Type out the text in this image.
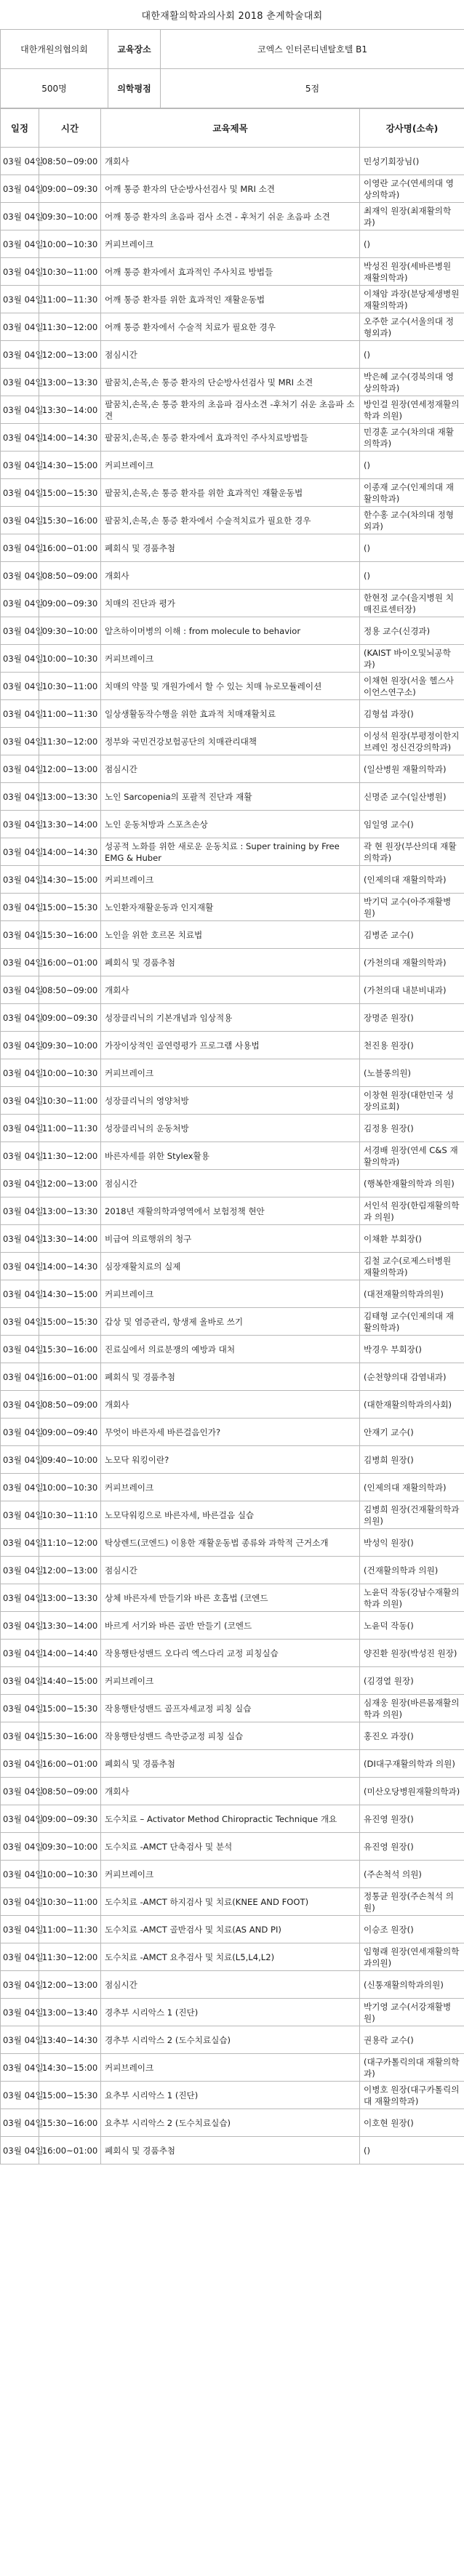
대한재활의학과의사회 2018 춘계학술대회
대한개원의협의회	교육장소	코엑스 인터콘티넨탈호텔 B1
500명	의학평점	5점
일정	시간	교육제목	강사명(소속)
03월 04일	08:50~09:00	개회사	민성기회장님()
03월 04일	09:00~09:30	어깨 통증 환자의 단순방사선검사 및 MRI 소견	이영란 교수(연세의대 영상의학과)
03월 04일	09:30~10:00	어깨 통증 환자의 초음파 검사 소견 - 후처기 쉬운 초음파 소견	최재익 원장(최재활의학과)
03월 04일	10:00~10:30	커피브레이크	()
03월 04일	10:30~11:00	어깨 통증 환자에서 효과적인 주사치료 방법들	박성진 원장(세바른병원 재활의학과)
03월 04일	11:00~11:30	어깨 통증 환자를 위한 효과적인 재활운동법	이채암 과장(분당제생병원 재활의학과)
03월 04일	11:30~12:00	어깨 통증 환자에서 수술적 치료가 필요한 경우	오주한 교수(서울의대 정형외과)
03월 04일	12:00~13:00	점심시간	()
03월 04일	13:00~13:30	팔꿈치,손목,손 통증 환자의 단순방사선검사 및 MRI 소견	박은혜 교수(경북의대 영상의학과)
03월 04일	13:30~14:00	팔꿈치,손목,손 통증 환자의 초음파 검사소견 -후처기 쉬운 초음파 소견	방인걸 원장(연세정재활의학과 의원)
03월 04일	14:00~14:30	팔꿈치,손목,손 통증 환자에서 효과적인 주사치료방법들	민경훈 교수(차의대 재활의학과)
03월 04일	14:30~15:00	커피브레이크	()
03월 04일	15:00~15:30	팔꿈치,손목,손 통증 환자를 위한 효과적인 재활운동법	이종재 교수(인제의대 재활의학과)
03월 04일	15:30~16:00	팔꿈치,손목,손 통증 환자에서 수술적치료가 필요한 경우	한수홍 교수(차의대 정형외과)
03월 04일	16:00~01:00	폐회식 및 경품추첨	()
03월 04일	08:50~09:00	개회사	()
03월 04일	09:00~09:30	치매의 진단과 평가	한현정 교수(을지병원 치매진료센터장)
03월 04일	09:30~10:00	알츠하이머병의 이해 : from molecule to behavior	정용 교수(신경과)
03월 04일	10:00~10:30	커피브레이크	(KAIST 바이오및뇌공학과)
03월 04일	10:30~11:00	치매의 약물 및 개원가에서 할 수 있는 치매 뉴로모듈레이션	이채현 원장(서울 헬스사이언스연구소)
03월 04일	11:00~11:30	일상생활동작수행을 위한 효과적 치매재활치료	김형섭 과장()
03월 04일	11:30~12:00	정부와 국민건강보험공단의 치매관리대책	이성석 원장(부평정이한지브레인 정신건강의학과)
03월 04일	12:00~13:00	점심시간	(일산병원 재활의학과)
03월 04일	13:00~13:30	노인 Sarcopenia의 포괄적 진단과 재활	신명준 교수(일산병원)
03월 04일	13:30~14:00	노인 운동처방과 스포츠손상	임일영 교수()
03월 04일	14:00~14:30	성공적 노화를 위한 새로운 운동치료 : Super training by Free EMG & Huber	곽 현 원장(부산의대 재활의학과)
03월 04일	14:30~15:00	커피브레이크	(인제의대 재활의학과)
03월 04일	15:00~15:30	노인환자재활운동과 인지재활	박기덕 교수(아주재활병원)
03월 04일	15:30~16:00	노인을 위한 호르몬 치료법	김병준 교수()
03월 04일	16:00~01:00	폐회식 및 경품추첨	(가천의대 재활의학과)
03월 04일	08:50~09:00	개회사	(가천의대 내분비내과)
03월 04일	09:00~09:30	성장클리닉의 기본개념과 임상적용	장명준 원장()
03월 04일	09:30~10:00	가장이상적인 골연령평가 프로그램 사용법	천진용 원장()
03월 04일	10:00~10:30	커피브레이크	(노블롱의원)
03월 04일	10:30~11:00	성장클리닉의 영양처방	이창현 원장(대한민국 성장의료회)
03월 04일	11:00~11:30	성장클리닉의 운동처방	김정용 원장()
03월 04일	11:30~12:00	바른자세를 위한 Stylex활용	서경배 원장(연세 C&S 재활의학과)
03월 04일	12:00~13:00	점심시간	(행복한재활의학과 의원)
03월 04일	13:00~13:30	2018년 재활의학과영역에서 보험정책 현안	서인석 원장(한림재활의학과 의원)
03월 04일	13:30~14:00	비급여 의료행위의 청구	이채환 부회장()
03월 04일	14:00~14:30	심장재활치료의 실제	김철 교수(로제스터병원 재활의학과)
03월 04일	14:30~15:00	커피브레이크	(대전재활의학과의원)
03월 04일	15:00~15:30	갑상 및 염증관리, 항생제 올바로 쓰기	김태형 교수(인제의대 재활의학과)
03월 04일	15:30~16:00	진료실에서 의료분쟁의 예방과 대처	박경우 부회장()
03월 04일	16:00~01:00	폐회식 및 경품추첨	(순천향의대 감염내과)
03월 04일	08:50~09:00	개회사	(대한재활의학과의사회)
03월 04일	09:00~09:40	무엇이 바른자세 바른걸음인가?	안재기 교수()
03월 04일	09:40~10:00	노모닥 워킹이란?	김병희 원장()
03월 04일	10:00~10:30	커피브레이크	(인제의대 재활의학과)
03월 04일	10:30~11:10	노모닥워킹으로 바른자세, 바른걸음 실습	김병희 원장(건재활의학과 의원)
03월 04일	11:10~12:00	탁상렌드(코엔드) 이용한 재활운동법 종류와 과학적 근거소개	박성익 원장()
03월 04일	12:00~13:00	점심시간	(건재활의학과 의원)
03월 04일	13:00~13:30	상체 바른자세 만들기와 바른 호흡법 (코엔드	노윤덕 작동(강남수재활의학과 의원)
03월 04일	13:30~14:00	바르게 서기와 바른 골반 만들기 (코엔드	노윤덕 작동()
03월 04일	14:00~14:40	작용행탄성밴드 오다리 엑스다리 교정 피칭실습	양진환 원장(박성진 원장)
03월 04일	14:40~15:00	커피브레이크	(김경열 원장)
03월 04일	15:00~15:30	작용행탄성밴드 골프자세교정 피칭 실습	심재웅 원장(바른몸재활의학과 의원)
03월 04일	15:30~16:00	작용행탄성밴드 측만증교정 피칭 실습	홍진오 과장()
03월 04일	16:00~01:00	폐회식 및 경품추첨	(DI대구재활의학과 의원)
03월 04일	08:50~09:00	개회사	(미산오당병원재활의학과)
03월 04일	09:00~09:30	도수치료 – Activator Method Chiropractic Technique 개요	유진영 원장()
03월 04일	09:30~10:00	도수치료 -AMCT 단축검사 및 분석	유진영 원장()
03월 04일	10:00~10:30	커피브레이크	(주손척석 의원)
03월 04일	10:30~11:00	도수치료 -AMCT 하지검사 및 치료(KNEE AND FOOT)	정통균 원장(주손척석 의원)
03월 04일	11:00~11:30	도수치료 -AMCT 골반검사 및 치료(AS AND PI)	이승조 원장()
03월 04일	11:30~12:00	도수치료 -AMCT 요추검사 및 치료(L5,L4,L2)	임형래 원장(연세재활의학과의원)
03월 04일	12:00~13:00	점심시간	(신통재활의학과의원)
03월 04일	13:00~13:40	경추부 시리악스 1 (진단)	박기영 교수(서강재활병원)
03월 04일	13:40~14:30	경추부 시리악스 2 (도수치료실습)	권용락 교수()
03월 04일	14:30~15:00	커피브레이크	(대구카톨릭의대 재활의학과)
03월 04일	15:00~15:30	요추부 시리악스 1 (진단)	이병호 원장(대구카톨릭의대 재활의학과)
03월 04일	15:30~16:00	요추부 시리악스 2 (도수치료실습)	이호현 원장()
03월 04일	16:00~01:00	폐회식 및 경품추첨	()
